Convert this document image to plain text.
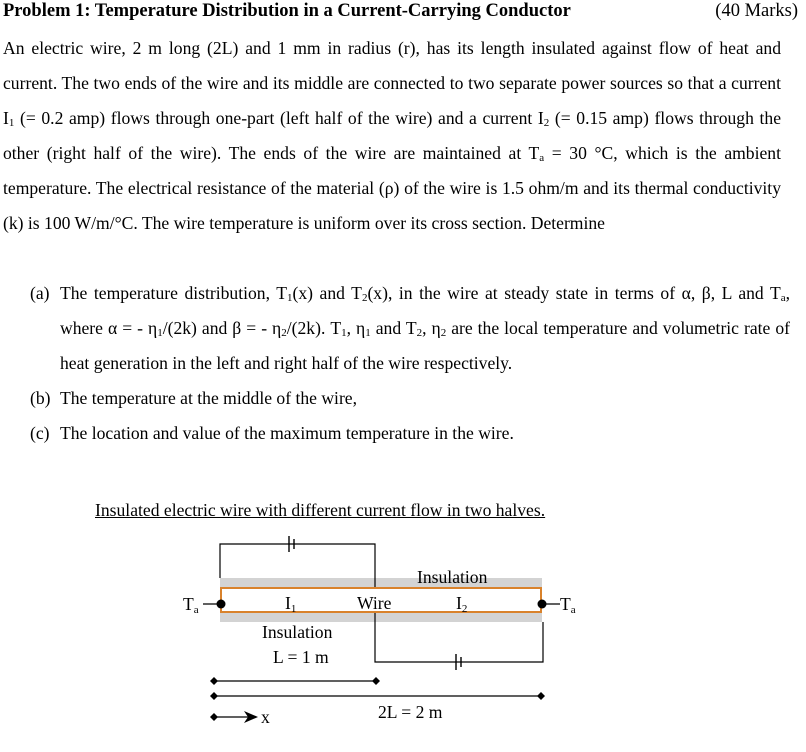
Problem 1: Temperature Distribution in a Current-Carrying Conductor	(40 Marks)
An electric wire, 2 m long (2L) and 1 mm in radius (r), has its length insulated against flow of heat and current. The two ends of the wire and its middle are connected to two separate power sources so that a current $I_1$ (= 0.2 amp) flows through one-part (left half of the wire) and a current $I_2$ (= 0.15 amp) flows through the other (right half of the wire). The ends of the wire are maintained at $T_a = 30$ °C, which is the ambient temperature. The electrical resistance of the material (ρ) of the wire is 1.5 ohm/m and its thermal conductivity (k) is 100 W/m/°C. The wire temperature is uniform over its cross section. Determine
(a) The temperature distribution, $T_1(x)$ and $T_2(x)$, in the wire at steady state in terms of α, β, L and $T_a$, where α = - $\eta_1/(2k)$ and β = - $\eta_2/(2k)$. $T_1$, $\eta_1$ and $T_2$, $\eta_2$ are the local temperature and volumetric rate of heat generation in the left and right half of the wire respectively.
(b) The temperature at the middle of the wire,
(c) The location and value of the maximum temperature in the wire.
Insulated electric wire with different current flow in two halves.
Ta	Ta
I1	I2
Wire
Insulation
Insulation
L = 1 m
2L = 2 m
x
